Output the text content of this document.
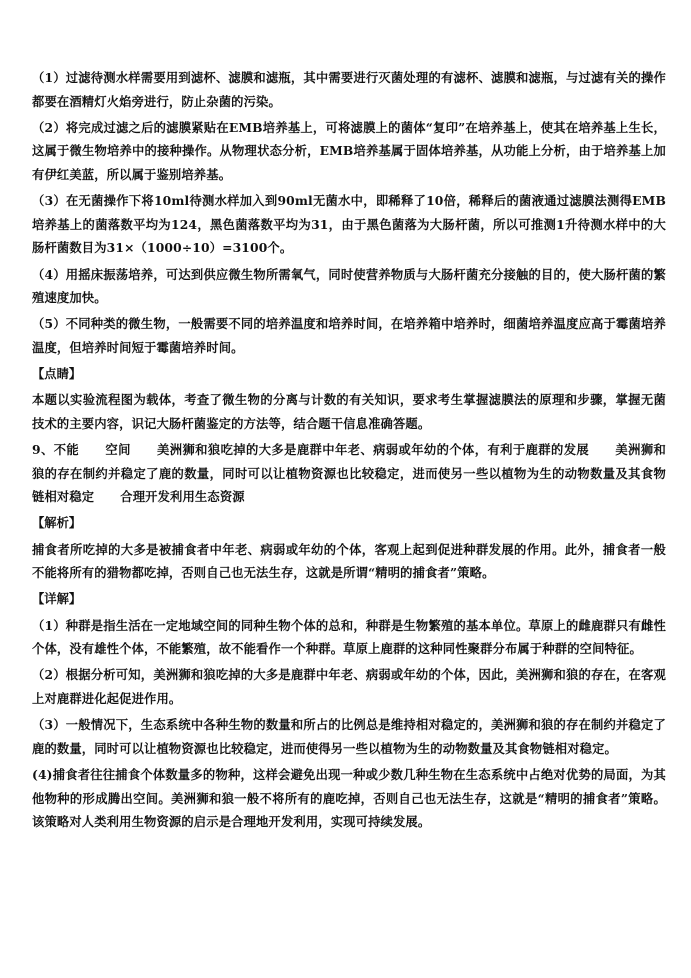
（1）过滤待测水样需要用到滤杯、滤膜和滤瓶，其中需要进行灭菌处理的有滤杯、滤膜和滤瓶，与过滤有关的操作都要在酒精灯火焰旁进行，防止杂菌的污染。

（2）将完成过滤之后的滤膜紧贴在EMB培养基上，可将滤膜上的菌体“复印”在培养基上，使其在培养基上生长，这属于微生物培养中的接种操作。从物理状态分析，EMB培养基属于固体培养基，从功能上分析，由于培养基上加有伊红美蓝，所以属于鉴别培养基。

（3）在无菌操作下将10ml待测水样加入到90ml无菌水中，即稀释了10倍，稀释后的菌液通过滤膜法测得EMB培养基上的菌落数平均为124，黑色菌落数平均为31，由于黑色菌落为大肠杆菌，所以可推测1升待测水样中的大肠杆菌数目为31×（1000÷10）=3100个。

（4）用摇床振荡培养，可达到供应微生物所需氧气，同时使营养物质与大肠杆菌充分接触的目的，使大肠杆菌的繁殖速度加快。

（5）不同种类的微生物，一般需要不同的培养温度和培养时间，在培养箱中培养时，细菌培养温度应高于霉菌培养温度，但培养时间短于霉菌培养时间。

【点睛】

本题以实验流程图为载体，考查了微生物的分离与计数的有关知识，要求考生掌握滤膜法的原理和步骤，掌握无菌技术的主要内容，识记大肠杆菌鉴定的方法等，结合题干信息准确答题。

9、不能 空间 美洲狮和狼吃掉的大多是鹿群中年老、病弱或年幼的个体，有利于鹿群的发展 美洲狮和狼的存在制约并稳定了鹿的数量，同时可以让植物资源也比较稳定，进而使另一些以植物为生的动物数量及其食物链相对稳定 合理开发利用生态资源

【解析】

捕食者所吃掉的大多是被捕食者中年老、病弱或年幼的个体，客观上起到促进种群发展的作用。此外，捕食者一般不能将所有的猎物都吃掉，否则自己也无法生存，这就是所谓“精明的捕食者”策略。

【详解】

（1）种群是指生活在一定地域空间的同种生物个体的总和，种群是生物繁殖的基本单位。草原上的雌鹿群只有雌性个体，没有雄性个体，不能繁殖，故不能看作一个种群。草原上鹿群的这种同性聚群分布属于种群的空间特征。

（2）根据分析可知，美洲狮和狼吃掉的大多是鹿群中年老、病弱或年幼的个体，因此，美洲狮和狼的存在，在客观上对鹿群进化起促进作用。

（3）一般情况下，生态系统中各种生物的数量和所占的比例总是维持相对稳定的，美洲狮和狼的存在制约并稳定了鹿的数量，同时可以让植物资源也比较稳定，进而使得另一些以植物为生的动物数量及其食物链相对稳定。

(4)捕食者往往捕食个体数量多的物种，这样会避免出现一种或少数几种生物在生态系统中占绝对优势的局面，为其他物种的形成腾出空间。美洲狮和狼一般不将所有的鹿吃掉，否则自己也无法生存，这就是“精明的捕食者”策略。该策略对人类利用生物资源的启示是合理地开发利用，实现可持续发展。
